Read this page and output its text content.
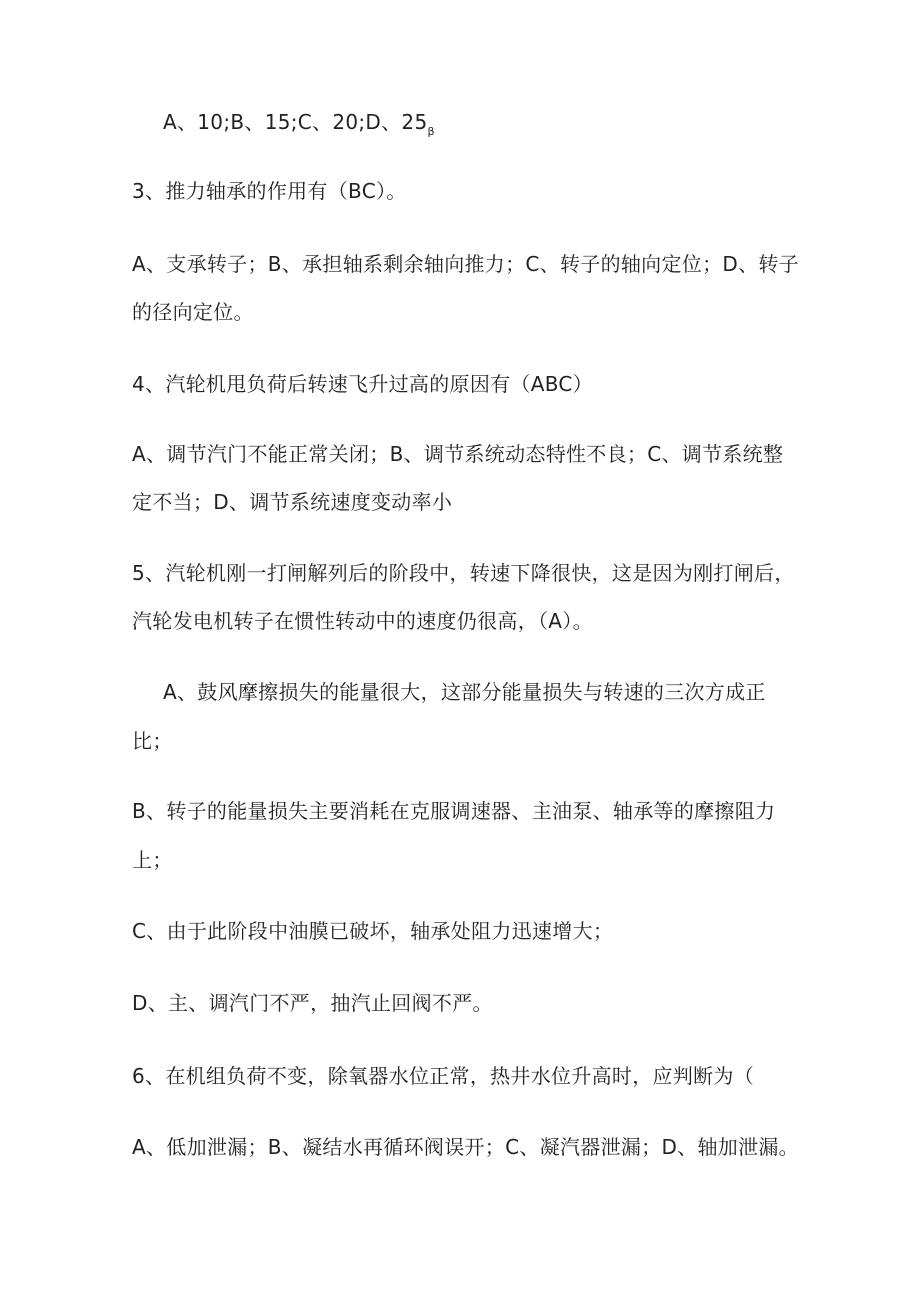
A、10;B、15;C、20;D、$25_\beta$
3、推力轴承的作用有（BC）。
A、支承转子；B、承担轴系剩余轴向推力；C、转子的轴向定位；D、转子
的径向定位。
4、汽轮机甩负荷后转速飞升过高的原因有（ABC）
A、调节汽门不能正常关闭；B、调节系统动态特性不良；C、调节系统整
定不当；D、调节系统速度变动率小
5、汽轮机刚一打闸解列后的阶段中，转速下降很快，这是因为刚打闸后，
汽轮发电机转子在惯性转动中的速度仍很高，（A）。
A、鼓风摩擦损失的能量很大，这部分能量损失与转速的三次方成正
比；
B、转子的能量损失主要消耗在克服调速器、主油泵、轴承等的摩擦阻力
上；
C、由于此阶段中油膜已破坏，轴承处阻力迅速增大；
D、主、调汽门不严，抽汽止回阀不严。
6、在机组负荷不变，除氧器水位正常，热井水位升高时，应判断为（
A、低加泄漏；B、凝结水再循环阀误开；C、凝汽器泄漏；D、轴加泄漏。
